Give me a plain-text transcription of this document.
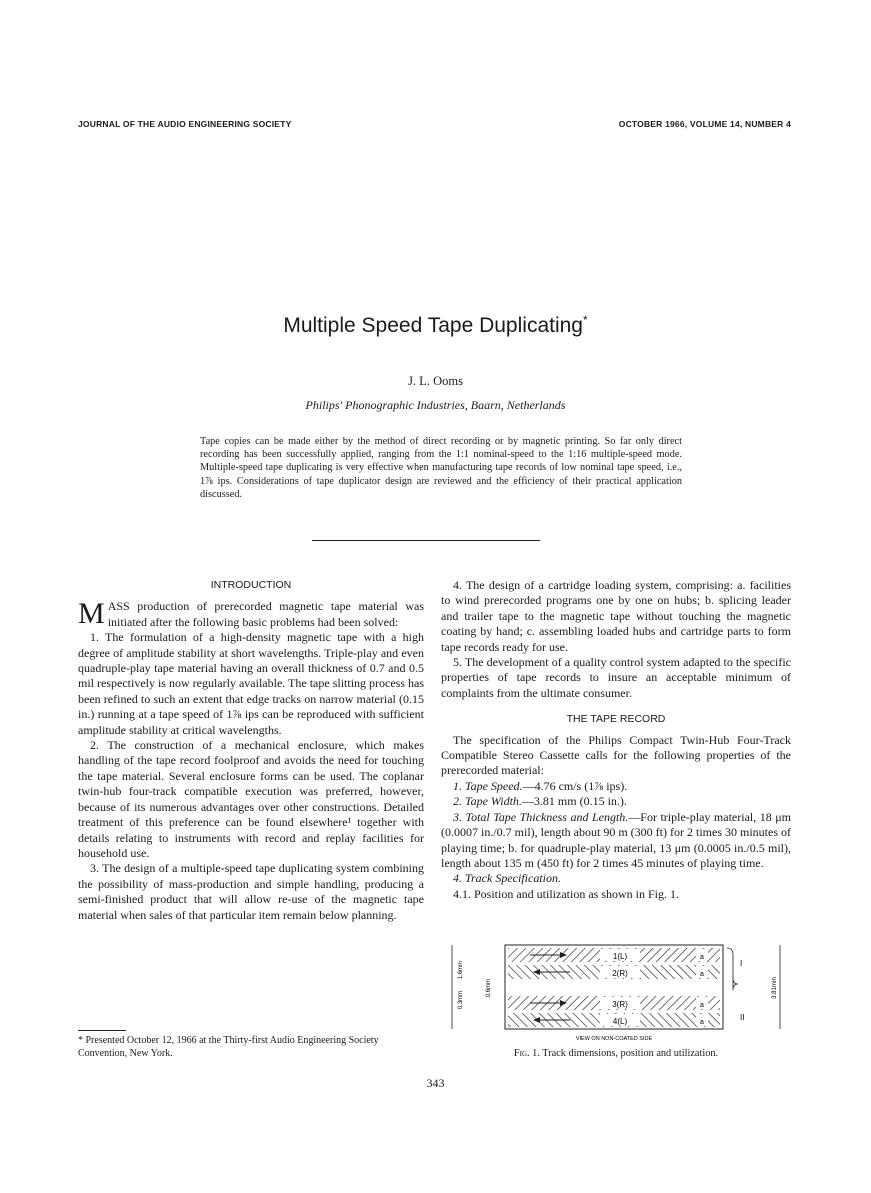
JOURNAL OF THE AUDIO ENGINEERING SOCIETY	OCTOBER 1966, VOLUME 14, NUMBER 4
Multiple Speed Tape Duplicating*
J. L. Ooms
Philips' Phonographic Industries, Baarn, Netherlands
Tape copies can be made either by the method of direct recording or by magnetic printing. So far only direct recording has been successfully applied, ranging from the 1:1 nominal-speed to the 1:16 multiple-speed mode. Multiple-speed tape duplicating is very effective when manufacturing tape records of low nominal tape speed, i.e., 1⅞ ips. Considerations of tape duplicator design are reviewed and the efficiency of their practical application discussed.
INTRODUCTION

MASS production of prerecorded magnetic tape material was initiated after the following basic problems had been solved:

1. The formulation of a high-density magnetic tape with a high degree of amplitude stability at short wavelengths. Triple-play and even quadruple-play tape material having an overall thickness of 0.7 and 0.5 mil respectively is now regularly available. The tape slitting process has been refined to such an extent that edge tracks on narrow material (0.15 in.) running at a tape speed of 1⅞ ips can be reproduced with sufficient amplitude stability at critical wavelengths.

2. The construction of a mechanical enclosure, which makes handling of the tape record foolproof and avoids the need for touching the tape material. Several enclosure forms can be used. The coplanar twin-hub four-track compatible execution was preferred, however, because of its numerous advantages over other constructions. Detailed treatment of this preference can be found elsewhere¹ together with details relating to instruments with record and replay facilities for household use.

3. The design of a multiple-speed tape duplicating system combining the possibility of mass-production and simple handling, producing a semi-finished product that will allow re-use of the magnetic tape material when sales of that particular item remain below planning.

* Presented October 12, 1966 at the Thirty-first Audio Engineering Society Convention, New York.

4. The design of a cartridge loading system, comprising: a. facilities to wind prerecorded programs one by one on hubs; b. splicing leader and trailer tape to the magnetic tape without touching the magnetic coating by hand; c. assembling loaded hubs and cartridge parts to form tape records ready for use.

5. The development of a quality control system adapted to the specific properties of tape records to insure an acceptable minimum of complaints from the ultimate consumer.

THE TAPE RECORD

The specification of the Philips Compact Twin-Hub Four-Track Compatible Stereo Cassette calls for the following properties of the prerecorded material:

1. Tape Speed.—4.76 cm/s (1⅞ ips).

2. Tape Width.—3.81 mm (0.15 in.).

3. Total Tape Thickness and Length.—For triple-play material, 18 μm (0.0007 in./0.7 mil), length about 90 m (300 ft) for 2 times 30 minutes of playing time; b. for quadruple-play material, 13 μm (0.0005 in./0.5 mil), length about 135 m (450 ft) for 2 times 45 minutes of playing time.

4. Track Specification.

4.1. Position and utilization as shown in Fig. 1.

1(L)
2(R)
3(R)
4(L)
a
a
a
a
I
II
3.81mm
1.6mm
0.3mm
0.6mm
VIEW ON NON-COATED SIDE
Fig. 1. Track dimensions, position and utilization.
343
